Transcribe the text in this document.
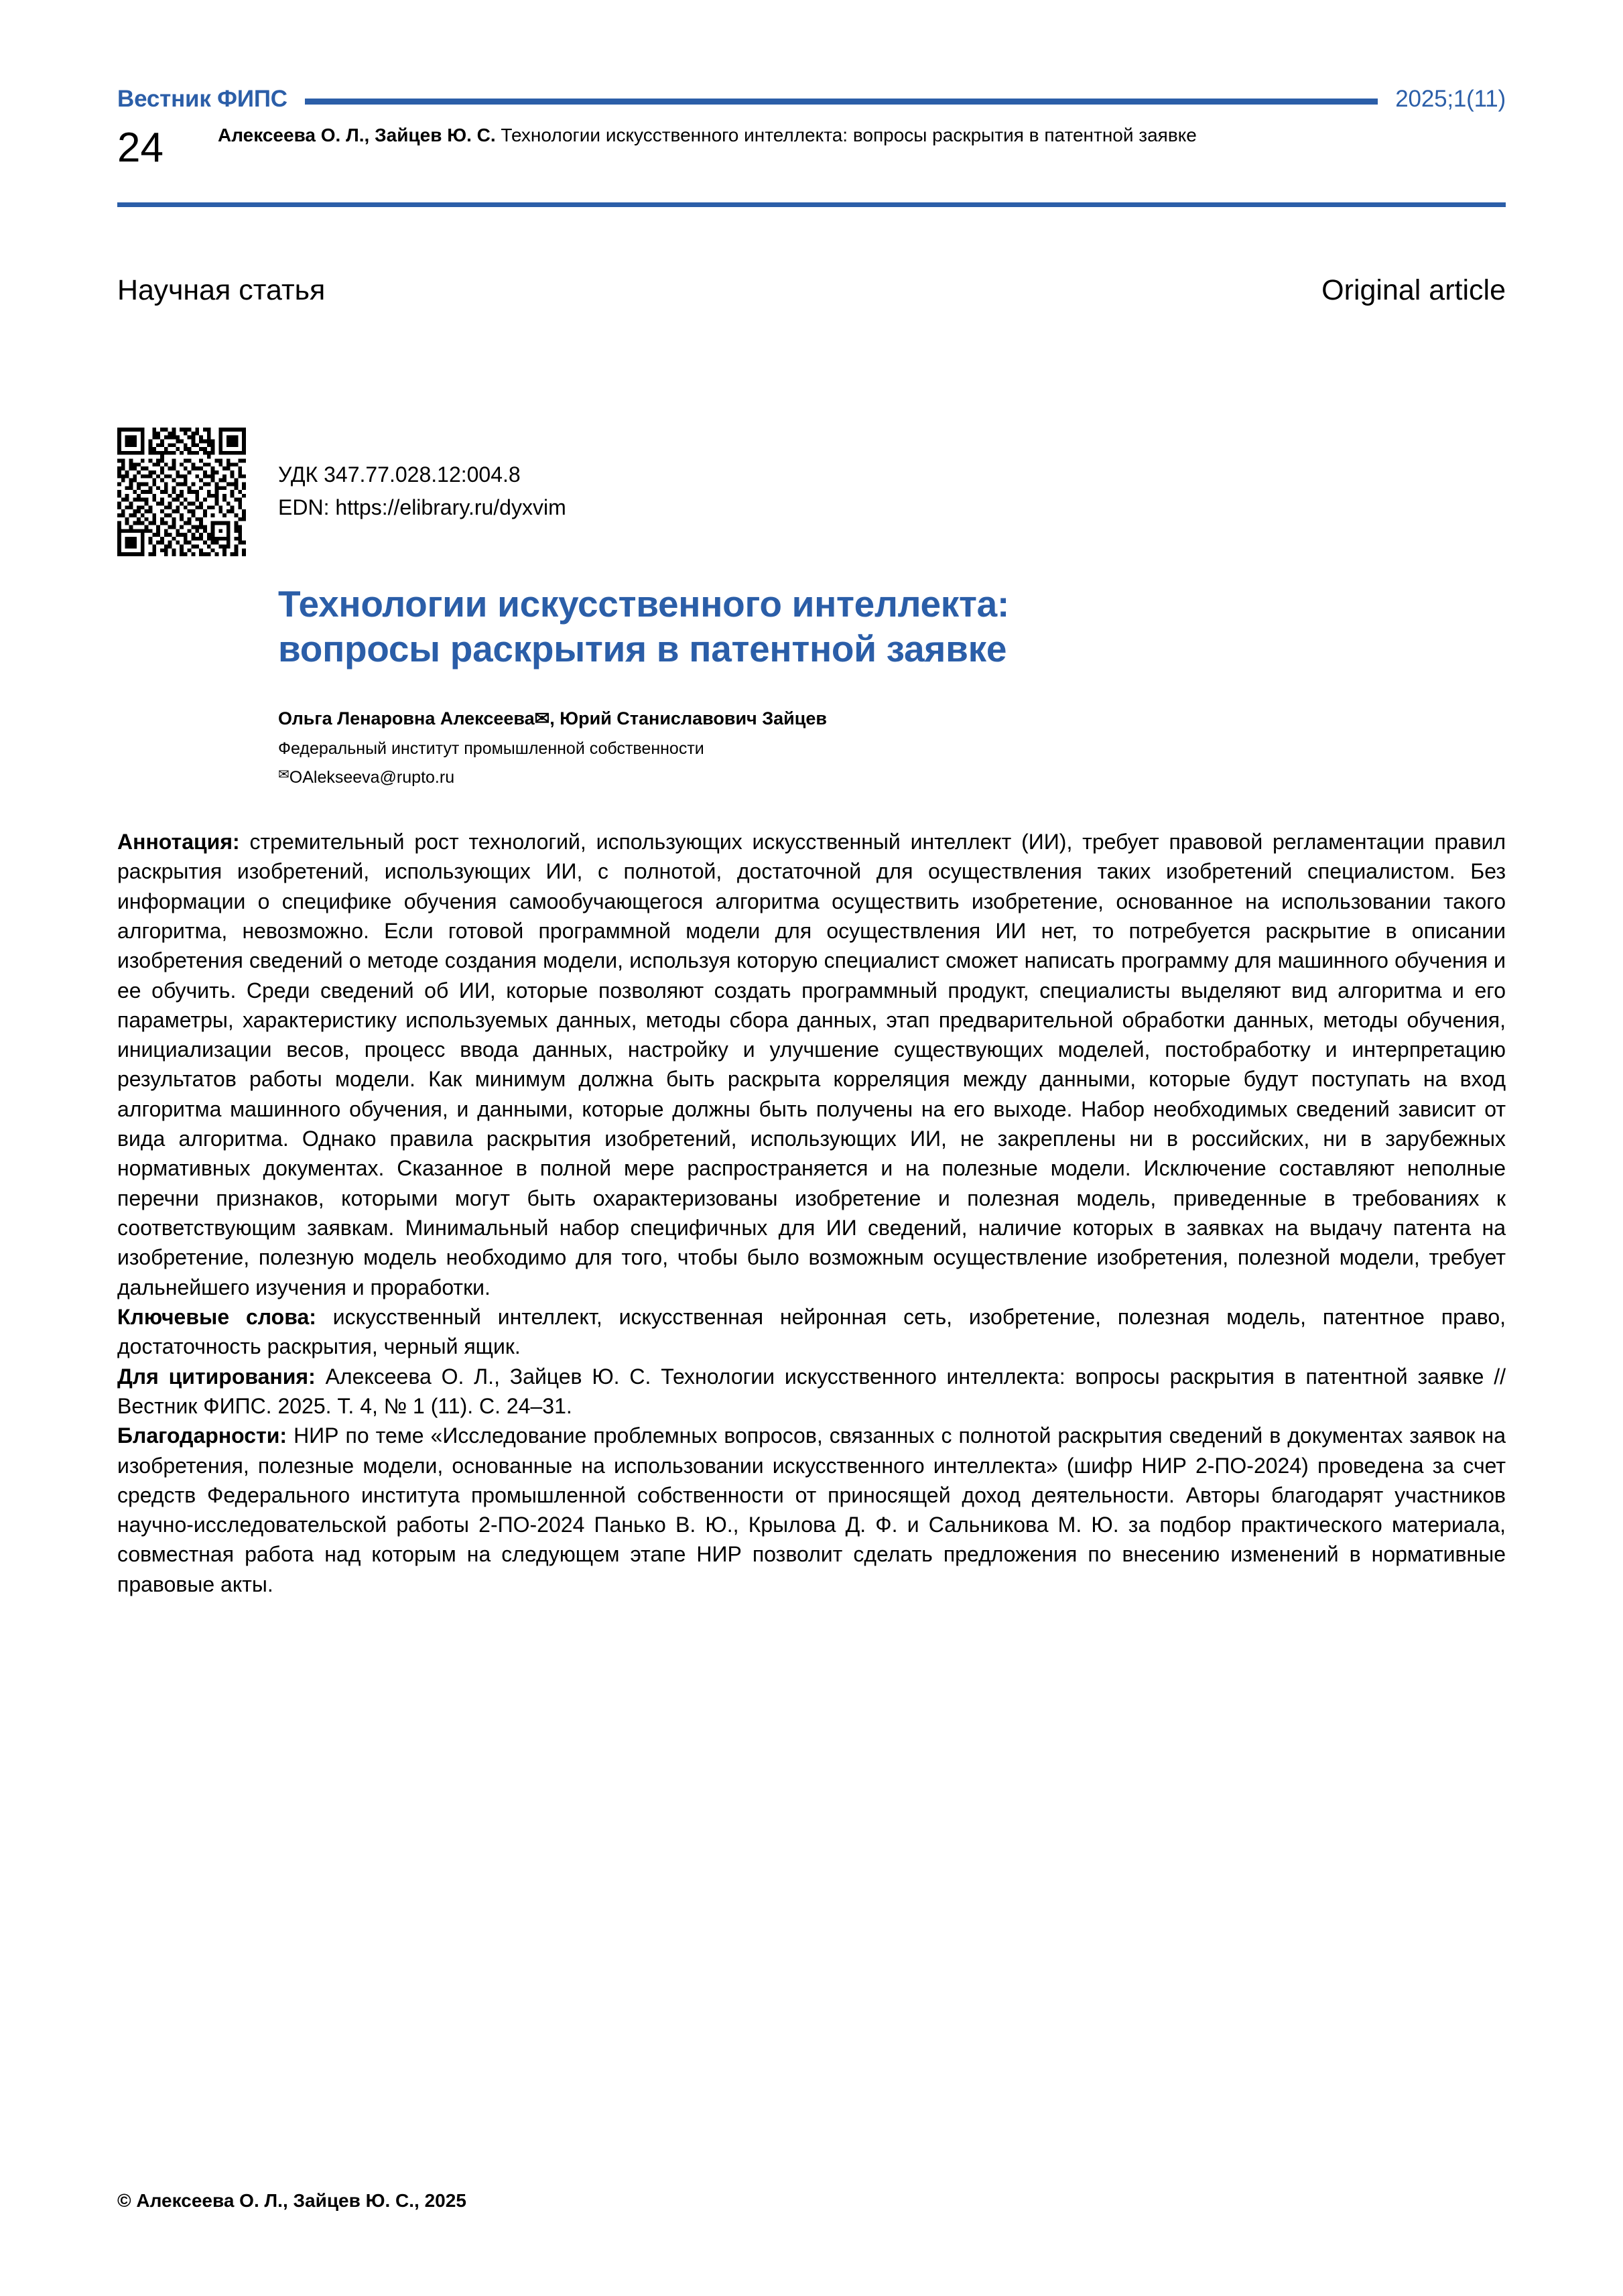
Вестник ФИПС	2025;1(11)
24	Алексеева О. Л., Зайцев Ю. С. Технологии искусственного интеллекта: вопросы раскрытия в патентной заявке
Научная статья	Original article
УДК 347.77.028.12:004.8
EDN: https://elibrary.ru/dyxvim
Технологии искусственного интеллекта: вопросы раскрытия в патентной заявке
Ольга Ленаровна Алексеева✉, Юрий Станиславович Зайцев
Федеральный институт промышленной собственности
✉OAlekseeva@rupto.ru

Аннотация: стремительный рост технологий, использующих искусственный интеллект (ИИ), требует правовой регламентации правил раскрытия изобретений, использующих ИИ, с полнотой, достаточной для осуществления таких изобретений специалистом. Без информации о специфике обучения самообучающегося алгоритма осуществить изобретение, основанное на использовании такого алгоритма, невозможно. Если готовой программной модели для осуществления ИИ нет, то потребуется раскрытие в описании изобретения сведений о методе создания модели, используя которую специалист сможет написать программу для машинного обучения и ее обучить. Среди сведений об ИИ, которые позволяют создать программный продукт, специалисты выделяют вид алгоритма и его параметры, характеристику используемых данных, методы сбора данных, этап предварительной обработки данных, методы обучения, инициализации весов, процесс ввода данных, настройку и улучшение существующих моделей, постобработку и интерпретацию результатов работы модели. Как минимум должна быть раскрыта корреляция между данными, которые будут поступать на вход алгоритма машинного обучения, и данными, которые должны быть получены на его выходе. Набор необходимых сведений зависит от вида алгоритма. Однако правила раскрытия изобретений, использующих ИИ, не закреплены ни в российских, ни в зарубежных нормативных документах. Сказанное в полной мере распространяется и на полезные модели. Исключение составляют неполные перечни признаков, которыми могут быть охарактеризованы изобретение и полезная модель, приведенные в требованиях к соответствующим заявкам. Минимальный набор специфичных для ИИ сведений, наличие которых в заявках на выдачу патента на изобретение, полезную модель необходимо для того, чтобы было возможным осуществление изобретения, полезной модели, требует дальнейшего изучения и проработки.

Ключевые слова: искусственный интеллект, искусственная нейронная сеть, изобретение, полезная модель, патентное право, достаточность раскрытия, черный ящик.

Для цитирования: Алексеева О. Л., Зайцев Ю. С. Технологии искусственного интеллекта: вопросы раскрытия в патентной заявке // Вестник ФИПС. 2025. Т. 4, № 1 (11). С. 24–31.

Благодарности: НИР по теме «Исследование проблемных вопросов, связанных с полнотой раскрытия сведений в документах заявок на изобретения, полезные модели, основанные на использовании искусственного интеллекта» (шифр НИР 2-ПО-2024) проведена за счет средств Федерального института промышленной собственности от приносящей доход деятельности. Авторы благодарят участников научно-исследовательской работы 2-ПО-2024 Панько В. Ю., Крылова Д. Ф. и Сальникова М. Ю. за подбор практического материала, совместная работа над которым на следующем этапе НИР позволит сделать предложения по внесению изменений в нормативные правовые акты.

© Алексеева О. Л., Зайцев Ю. С., 2025
